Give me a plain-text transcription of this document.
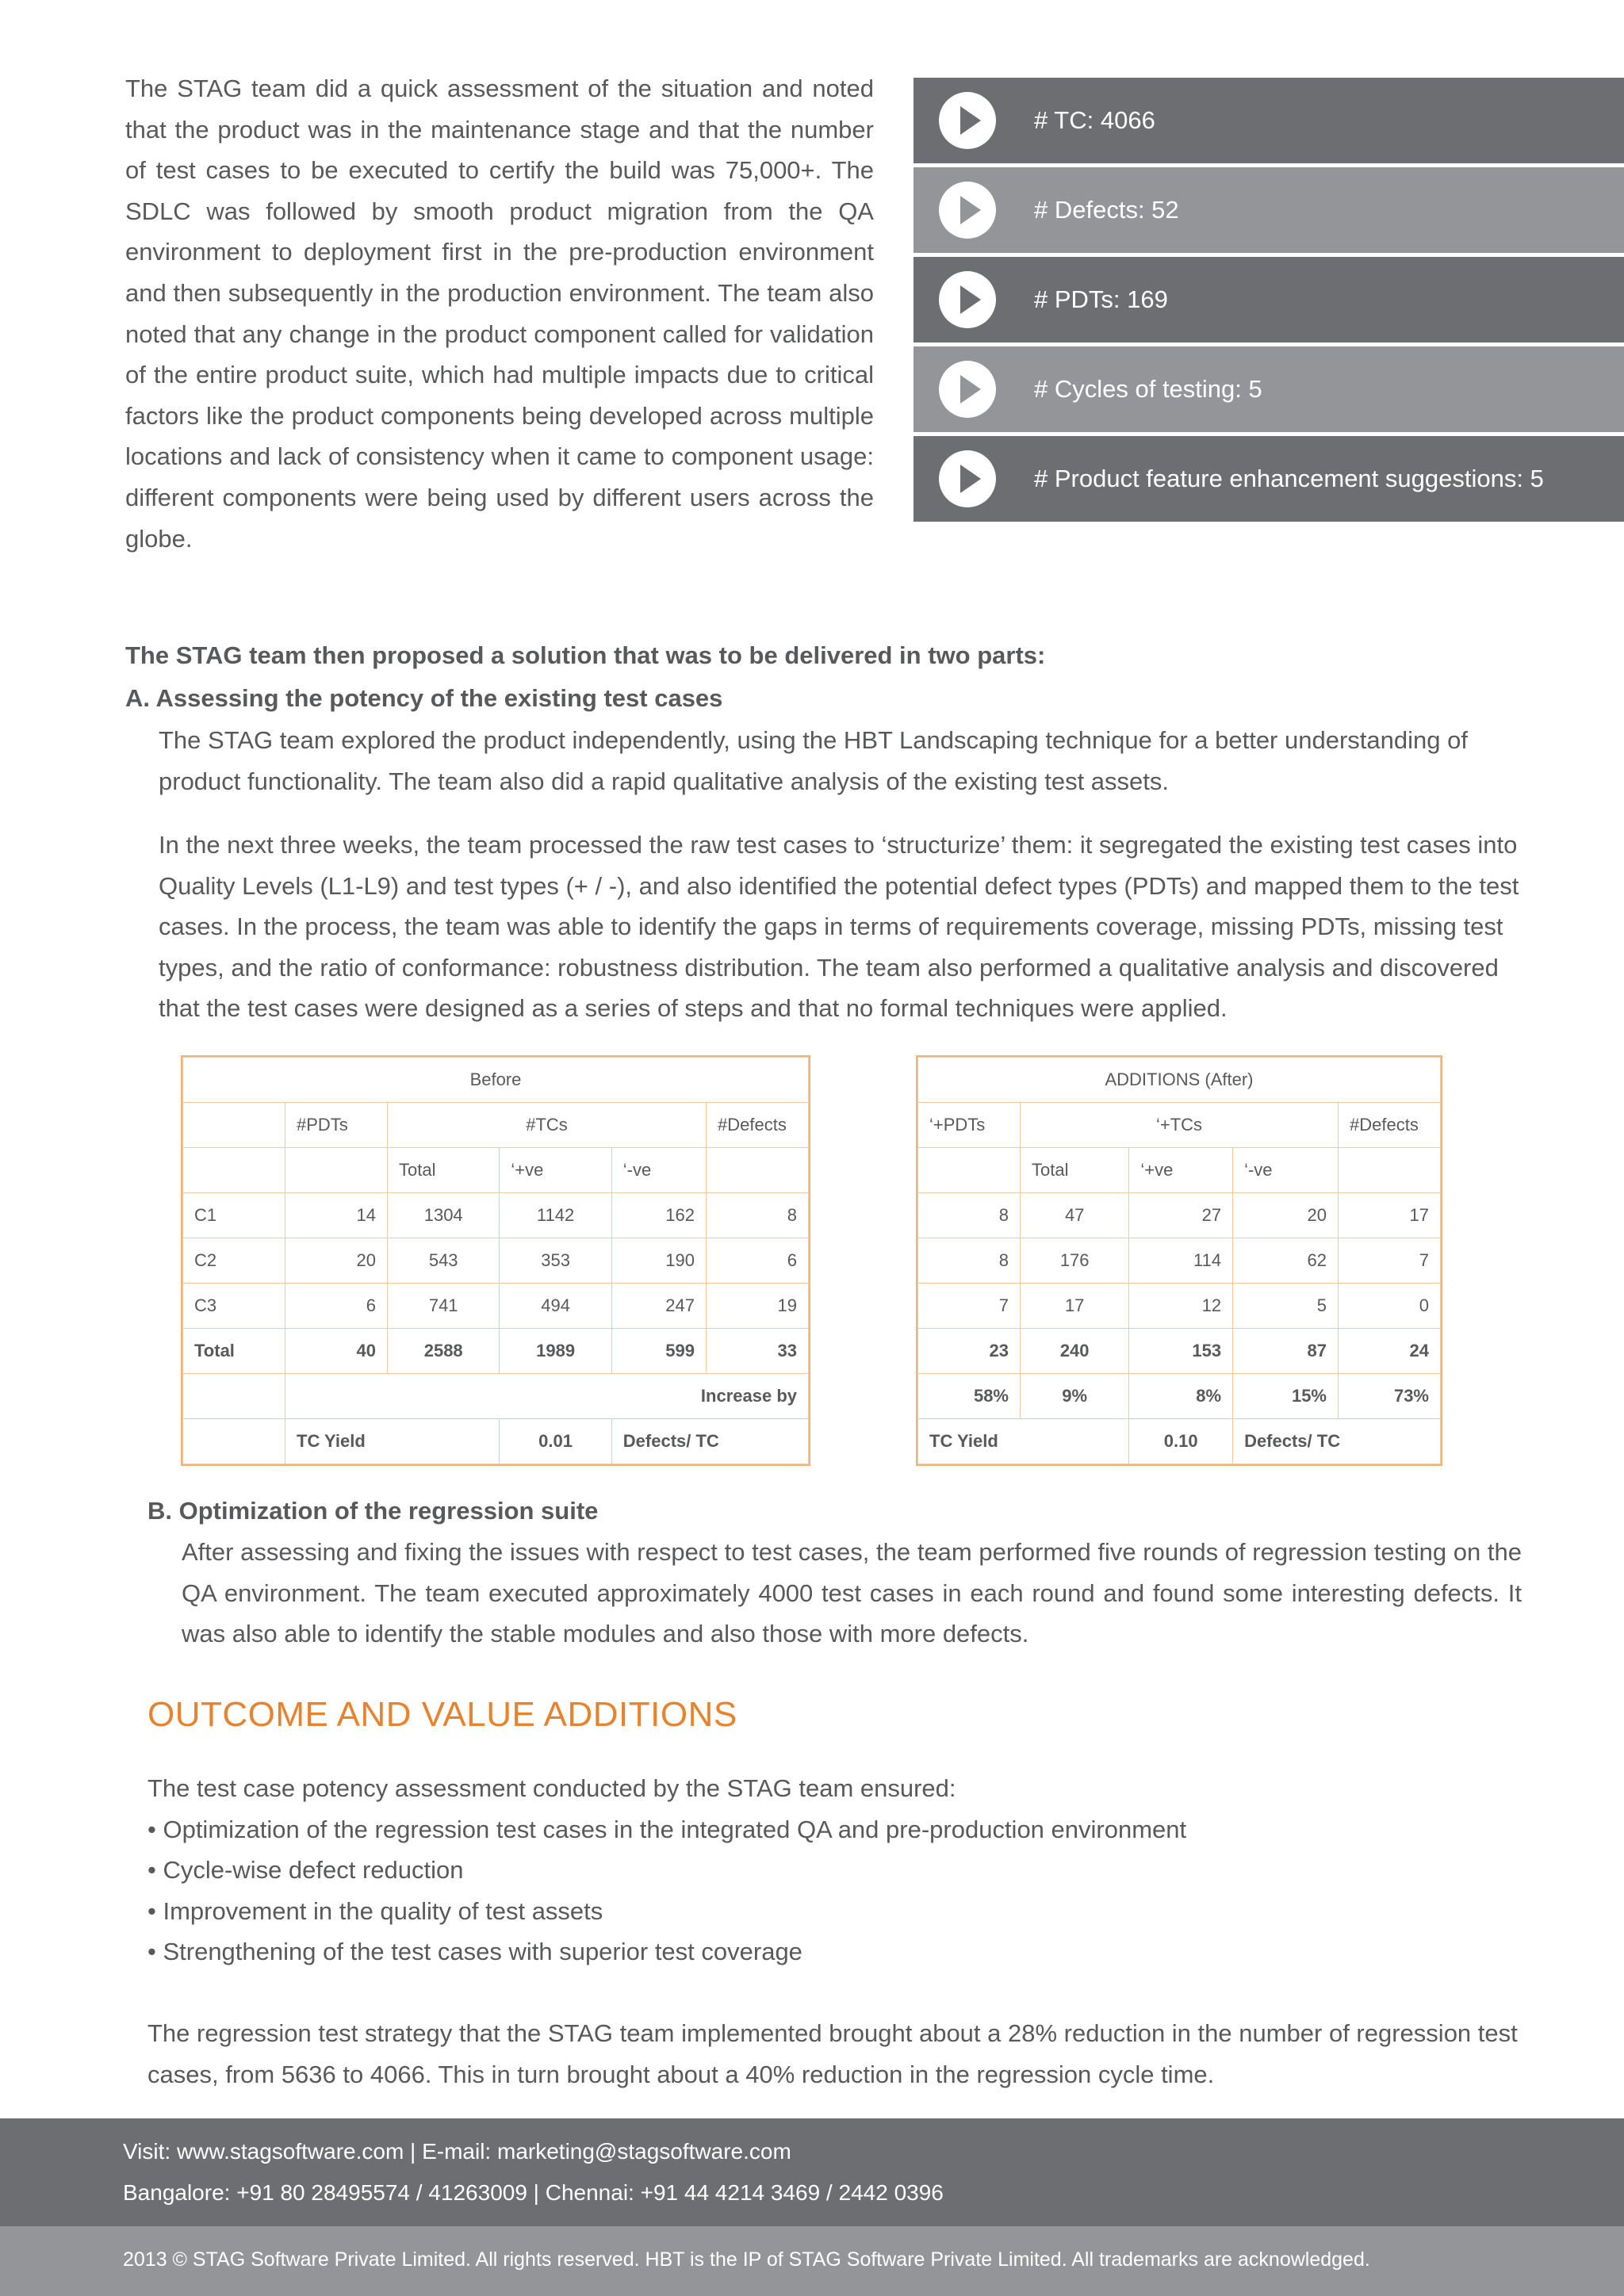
The STAG team did a quick assessment of the situation and noted that the product was in the maintenance stage and that the number of test cases to be executed to certify the build was 75,000+. The SDLC was followed by smooth product migration from the QA environment to deployment first in the pre-production environment and then subsequently in the production environment. The team also noted that any change in the product component called for validation of the entire product suite, which had multiple impacts due to critical factors like the product components being developed across multiple locations and lack of consistency when it came to component usage: different components were being used by different users across the globe.

# TC: 4066
# Defects: 52
# PDTs: 169
# Cycles of testing: 5
# Product feature enhancement suggestions: 5
The STAG team then proposed a solution that was to be delivered in two parts:
A. Assessing the potency of the existing test cases

The STAG team explored the product independently, using the HBT Landscaping technique for a better understanding of product functionality. The team also did a rapid qualitative analysis of the existing test assets.

In the next three weeks, the team processed the raw test cases to ‘structurize’ them: it segregated the existing test cases into Quality Levels (L1-L9) and test types (+ / -), and also identified the potential defect types (PDTs) and mapped them to the test cases. In the process, the team was able to identify the gaps in terms of requirements coverage, missing PDTs, missing test types, and the ratio of conformance: robustness distribution. The team also performed a qualitative analysis and discovered that the test cases were designed as a series of steps and that no formal techniques were applied.

Before					
	#PDTs	#TCs			#Defects
		Total	‘+ve	‘-ve	
C1	14	1304	1142	162	8
C2	20	543	353	190	6
C3	6	741	494	247	19
Total	40	2588	1989	599	33
	Increase by				
	TC Yield		0.01	Defects/ TC	
ADDITIONS (After)				
‘+PDTs	‘+TCs			#Defects
	Total	‘+ve	‘-ve	
8	47	27	20	17
8	176	114	62	7
7	17	12	5	0
23	240	153	87	24
58%	9%	8%	15%	73%
TC Yield		0.10	Defects/ TC	
B. Optimization of the regression suite

After assessing and fixing the issues with respect to test cases, the team performed five rounds of regression testing on the QA environment. The team executed approximately 4000 test cases in each round and found some interesting defects. It was also able to identify the stable modules and also those with more defects.

OUTCOME AND VALUE ADDITIONS
The test case potency assessment conducted by the STAG team ensured:
• Optimization of the regression test cases in the integrated QA and pre-production environment
• Cycle-wise defect reduction
• Improvement in the quality of test assets
• Strengthening of the test cases with superior test coverage

The regression test strategy that the STAG team implemented brought about a 28% reduction in the number of regression test cases, from 5636 to 4066. This in turn brought about a 40% reduction in the regression cycle time.

Visit: www.stagsoftware.com | E-mail: marketing@stagsoftware.com
Bangalore: +91 80 28495574 / 41263009 | Chennai: +91 44 4214 3469 / 2442 0396
2013 © STAG Software Private Limited. All rights reserved. HBT is the IP of STAG Software Private Limited. All trademarks are acknowledged.
